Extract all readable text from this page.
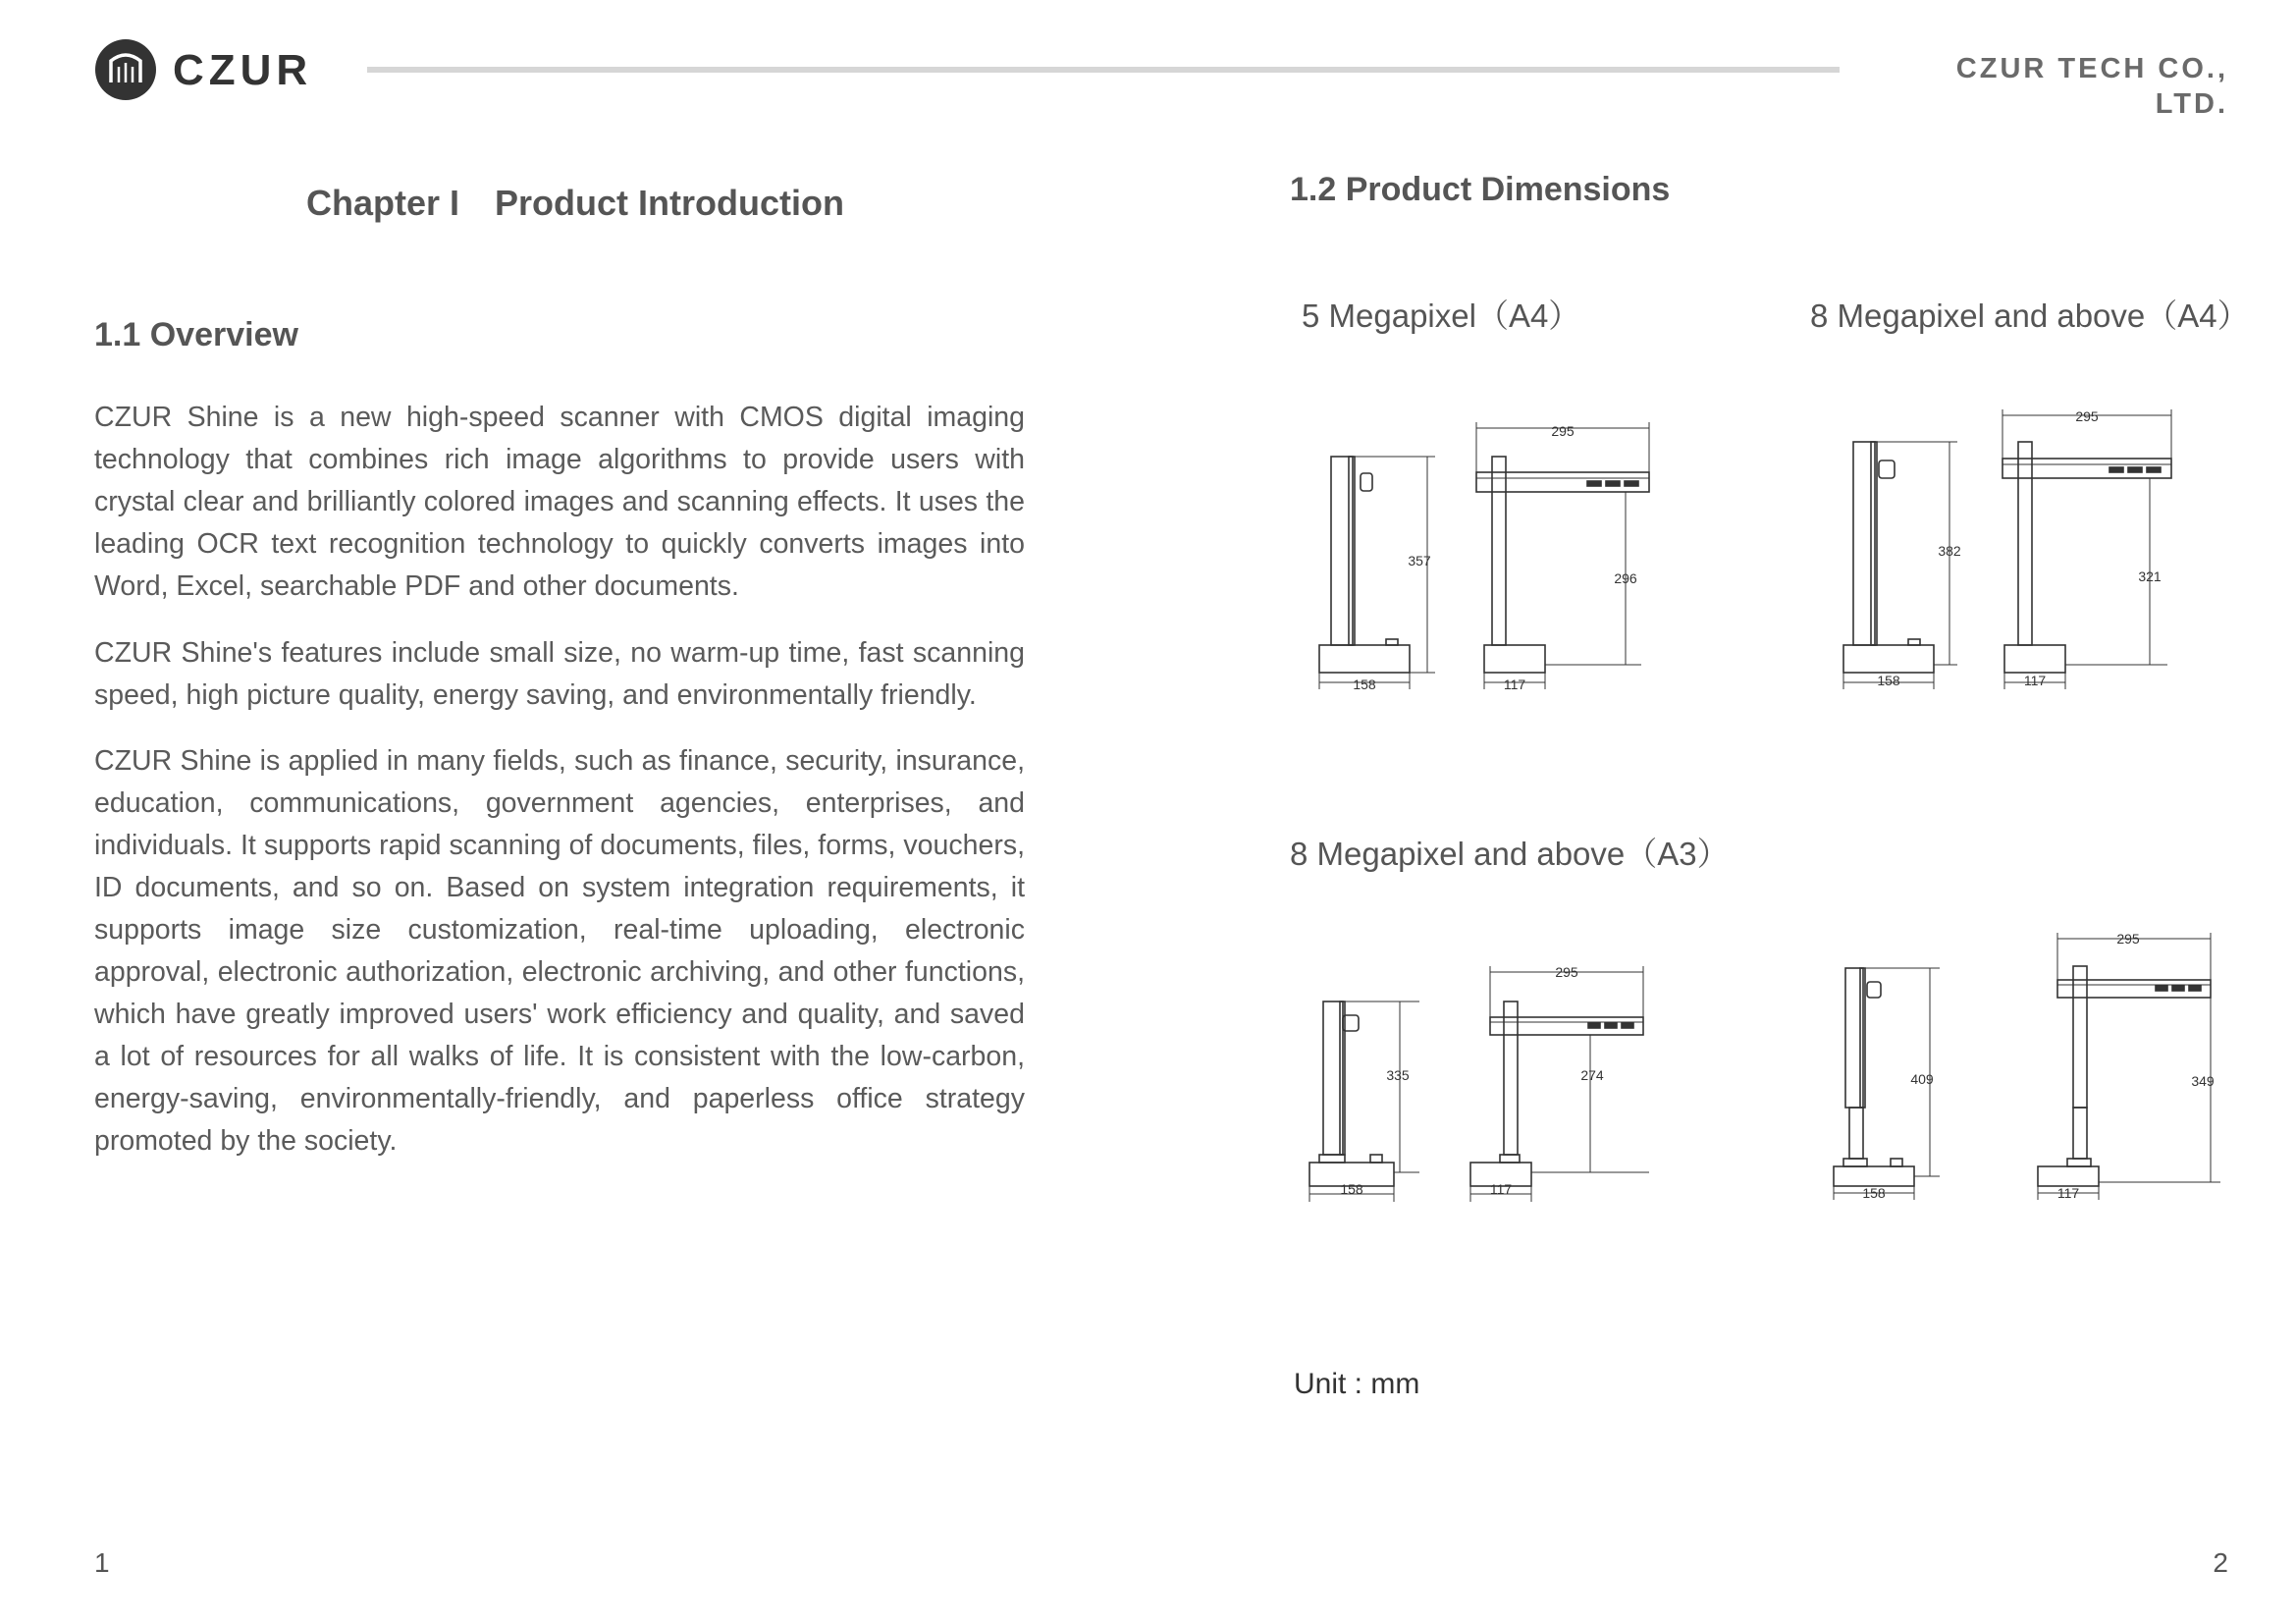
CZUR	CZUR TECH CO., LTD.
Chapter I Product Introduction
1.1 Overview

CZUR Shine is a new high-speed scanner with CMOS digital imaging technology that combines rich image algorithms to provide users with crystal clear and brilliantly colored images and scanning effects. It uses the leading OCR text recognition technology to quickly converts images into Word, Excel, searchable PDF and other documents.

CZUR Shine's features include small size, no warm-up time, fast scanning speed, high picture quality, energy saving, and environmentally friendly.

CZUR Shine is applied in many fields, such as finance, security, insurance, education, communications, government agencies, enterprises, and individuals. It supports rapid scanning of documents, files, forms, vouchers, ID documents, and so on. Based on system integration requirements, it supports image size customization, real-time uploading, electronic approval, electronic authorization, electronic archiving, and other functions, which have greatly improved users' work efficiency and quality, and saved a lot of resources for all walks of life. It is consistent with the low-carbon, energy-saving, environmentally-friendly, and paperless office strategy promoted by the society.

1
1.2 Product Dimensions
5 Megapixel（A4）	8 Megapixel and above（A4）
8 Megapixel and above（A3）
Unit : mm
2
357
158
295
296
117
382
158
295
321
117
335
158
295
274
117
409
158
295
349
117
